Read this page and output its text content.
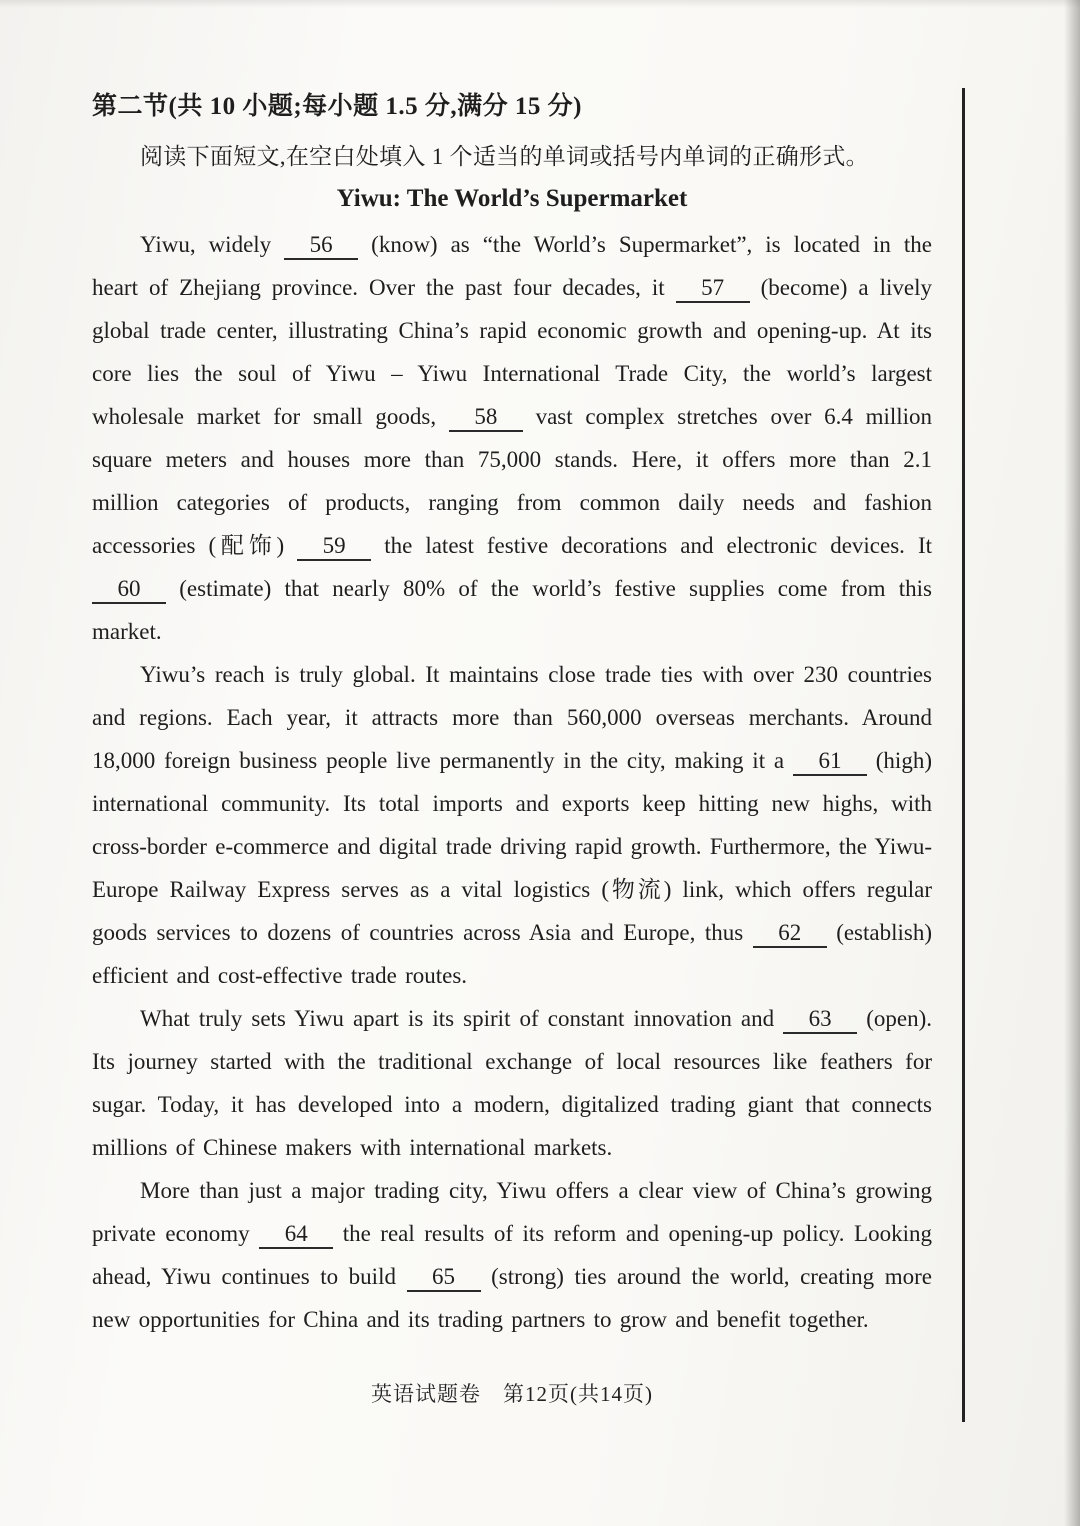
第二节(共 10 小题;每小题 1.5 分,满分 15 分)
阅读下面短文,在空白处填入 1 个适当的单词或括号内单词的正确形式。
Yiwu: The World’s Supermarket

Yiwu, widely 56 (know) as “the World’s Supermarket”, is located in the heart of Zhejiang province. Over the past four decades, it 57 (become) a lively global trade center, illustrating China’s rapid economic growth and opening-up. At its core lies the soul of Yiwu – Yiwu International Trade City, the world’s largest wholesale market for small goods, 58 vast complex stretches over 6.4 million square meters and houses more than 75,000 stands. Here, it offers more than 2.1 million categories of products, ranging from common daily needs and fashion accessories (配饰) 59 the latest festive decorations and electronic devices. It 60 (estimate) that nearly 80% of the world’s festive supplies come from this market.

Yiwu’s reach is truly global. It maintains close trade ties with over 230 countries and regions. Each year, it attracts more than 560,000 overseas merchants. Around 18,000 foreign business people live permanently in the city, making it a 61 (high) international community. Its total imports and exports keep hitting new highs, with cross-border e-commerce and digital trade driving rapid growth. Furthermore, the Yiwu-Europe Railway Express serves as a vital logistics (物流) link, which offers regular goods services to dozens of countries across Asia and Europe, thus 62 (establish) efficient and cost-effective trade routes.

What truly sets Yiwu apart is its spirit of constant innovation and 63 (open). Its journey started with the traditional exchange of local resources like feathers for sugar. Today, it has developed into a modern, digitalized trading giant that connects millions of Chinese makers with international markets.

More than just a major trading city, Yiwu offers a clear view of China’s growing private economy 64 the real results of its reform and opening-up policy. Looking ahead, Yiwu continues to build 65 (strong) ties around the world, creating more new opportunities for China and its trading partners to grow and benefit together.

英语试题卷　第12页(共14页)
